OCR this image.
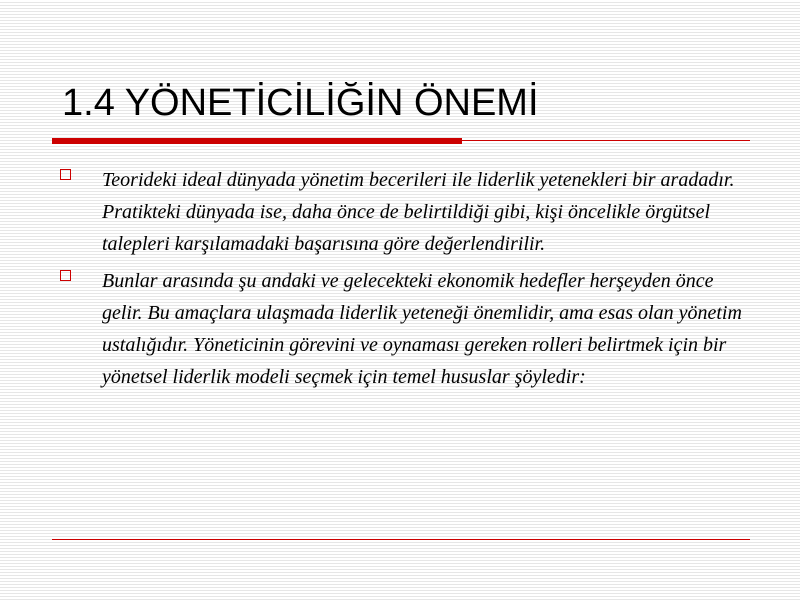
1.4 YÖNETİCİLİĞİN ÖNEMİ
Teorideki ideal dünyada yönetim becerileri ile liderlik yetenekleri bir aradadır. Pratikteki dünyada ise, daha önce de belirtildiği gibi, kişi öncelikle örgütsel talepleri karşılamadaki başarısına göre değerlendirilir.
Bunlar arasında şu andaki ve gelecekteki ekonomik hedefler herşeyden önce gelir. Bu amaçlara ulaşmada liderlik yeteneği önemlidir, ama esas olan yönetim ustalığıdır. Yöneticinin görevini ve oynaması gereken rolleri belirtmek için bir yönetsel liderlik modeli seçmek için temel hususlar şöyledir:
